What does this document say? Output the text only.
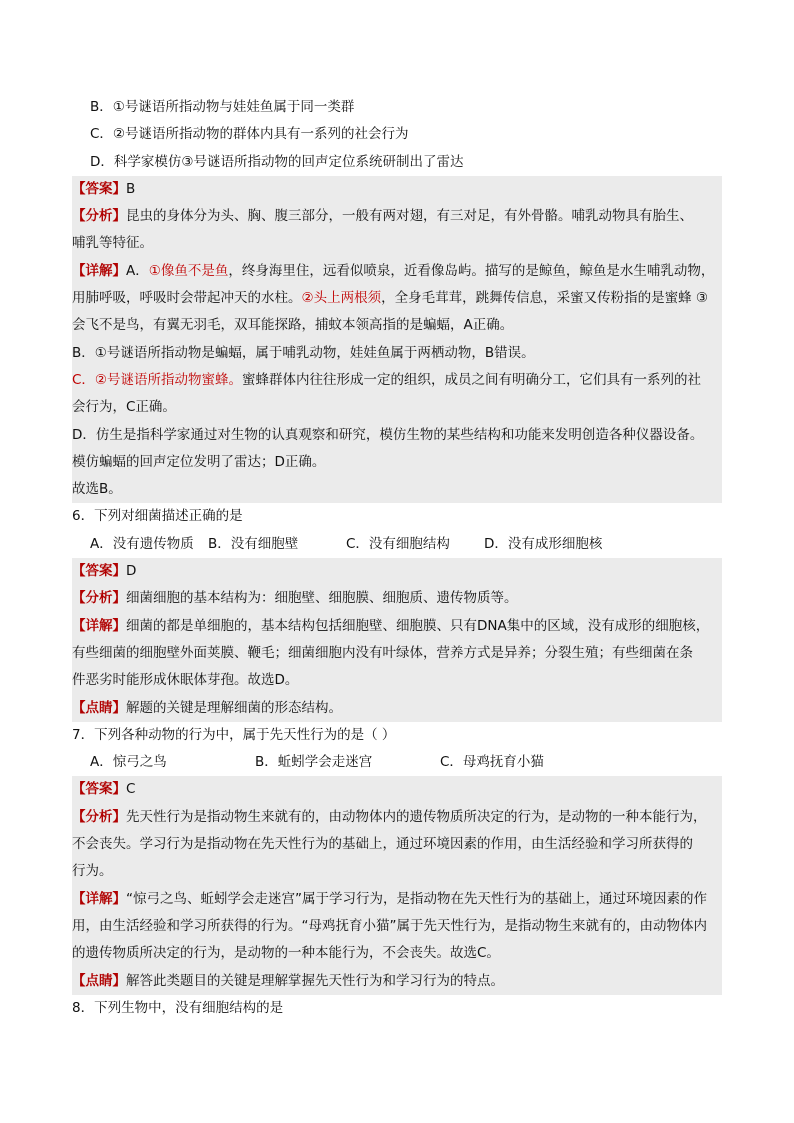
B．①号谜语所指动物与娃娃鱼属于同一类群
C．②号谜语所指动物的群体内具有一系列的社会行为
D．科学家模仿③号谜语所指动物的回声定位系统研制出了雷达
【答案】B
【分析】昆虫的身体分为头、胸、腹三部分，一般有两对翅，有三对足，有外骨骼。哺乳动物具有胎生、
哺乳等特征。
【详解】A．①像鱼不是鱼，终身海里住，远看似喷泉，近看像岛屿。描写的是鲸鱼，鲸鱼是水生哺乳动物，
用肺呼吸，呼吸时会带起冲天的水柱。②头上两根须，全身毛茸茸，跳舞传信息，采蜜又传粉指的是蜜蜂 ③
会飞不是鸟，有翼无羽毛，双耳能探路，捕蚊本领高指的是蝙蝠，A正确。
B．①号谜语所指动物是蝙蝠，属于哺乳动物，娃娃鱼属于两栖动物，B错误。
C．②号谜语所指动物蜜蜂。蜜蜂群体内往往形成一定的组织，成员之间有明确分工，它们具有一系列的社
会行为，C正确。
D．仿生是指科学家通过对生物的认真观察和研究，模仿生物的某些结构和功能来发明创造各种仪器设备。
模仿蝙蝠的回声定位发明了雷达；D正确。
故选B。
6．下列对细菌描述正确的是
A．没有遗传物质 B．没有细胞壁	C．没有细胞结构	D．没有成形细胞核
【答案】D
【分析】细菌细胞的基本结构为：细胞壁、细胞膜、细胞质、遗传物质等。
【详解】细菌的都是单细胞的，基本结构包括细胞壁、细胞膜、只有DNA集中的区域，没有成形的细胞核，
有些细菌的细胞壁外面荚膜、鞭毛；细菌细胞内没有叶绿体，营养方式是异养；分裂生殖；有些细菌在条
件恶劣时能形成休眠体芽孢。故选D。
【点睛】解题的关键是理解细菌的形态结构。
7．下列各种动物的行为中，属于先天性行为的是（ ）
A．惊弓之鸟	B．蚯蚓学会走迷宫	C．母鸡抚育小猫
【答案】C
【分析】先天性行为是指动物生来就有的，由动物体内的遗传物质所决定的行为，是动物的一种本能行为，
不会丧失。学习行为是指动物在先天性行为的基础上，通过环境因素的作用，由生活经验和学习所获得的
行为。
【详解】“惊弓之鸟、蚯蚓学会走迷宫”属于学习行为，是指动物在先天性行为的基础上，通过环境因素的作
用，由生活经验和学习所获得的行为。“母鸡抚育小猫”属于先天性行为，是指动物生来就有的，由动物体内
的遗传物质所决定的行为，是动物的一种本能行为，不会丧失。故选C。
【点睛】解答此类题目的关键是理解掌握先天性行为和学习行为的特点。
8．下列生物中，没有细胞结构的是
